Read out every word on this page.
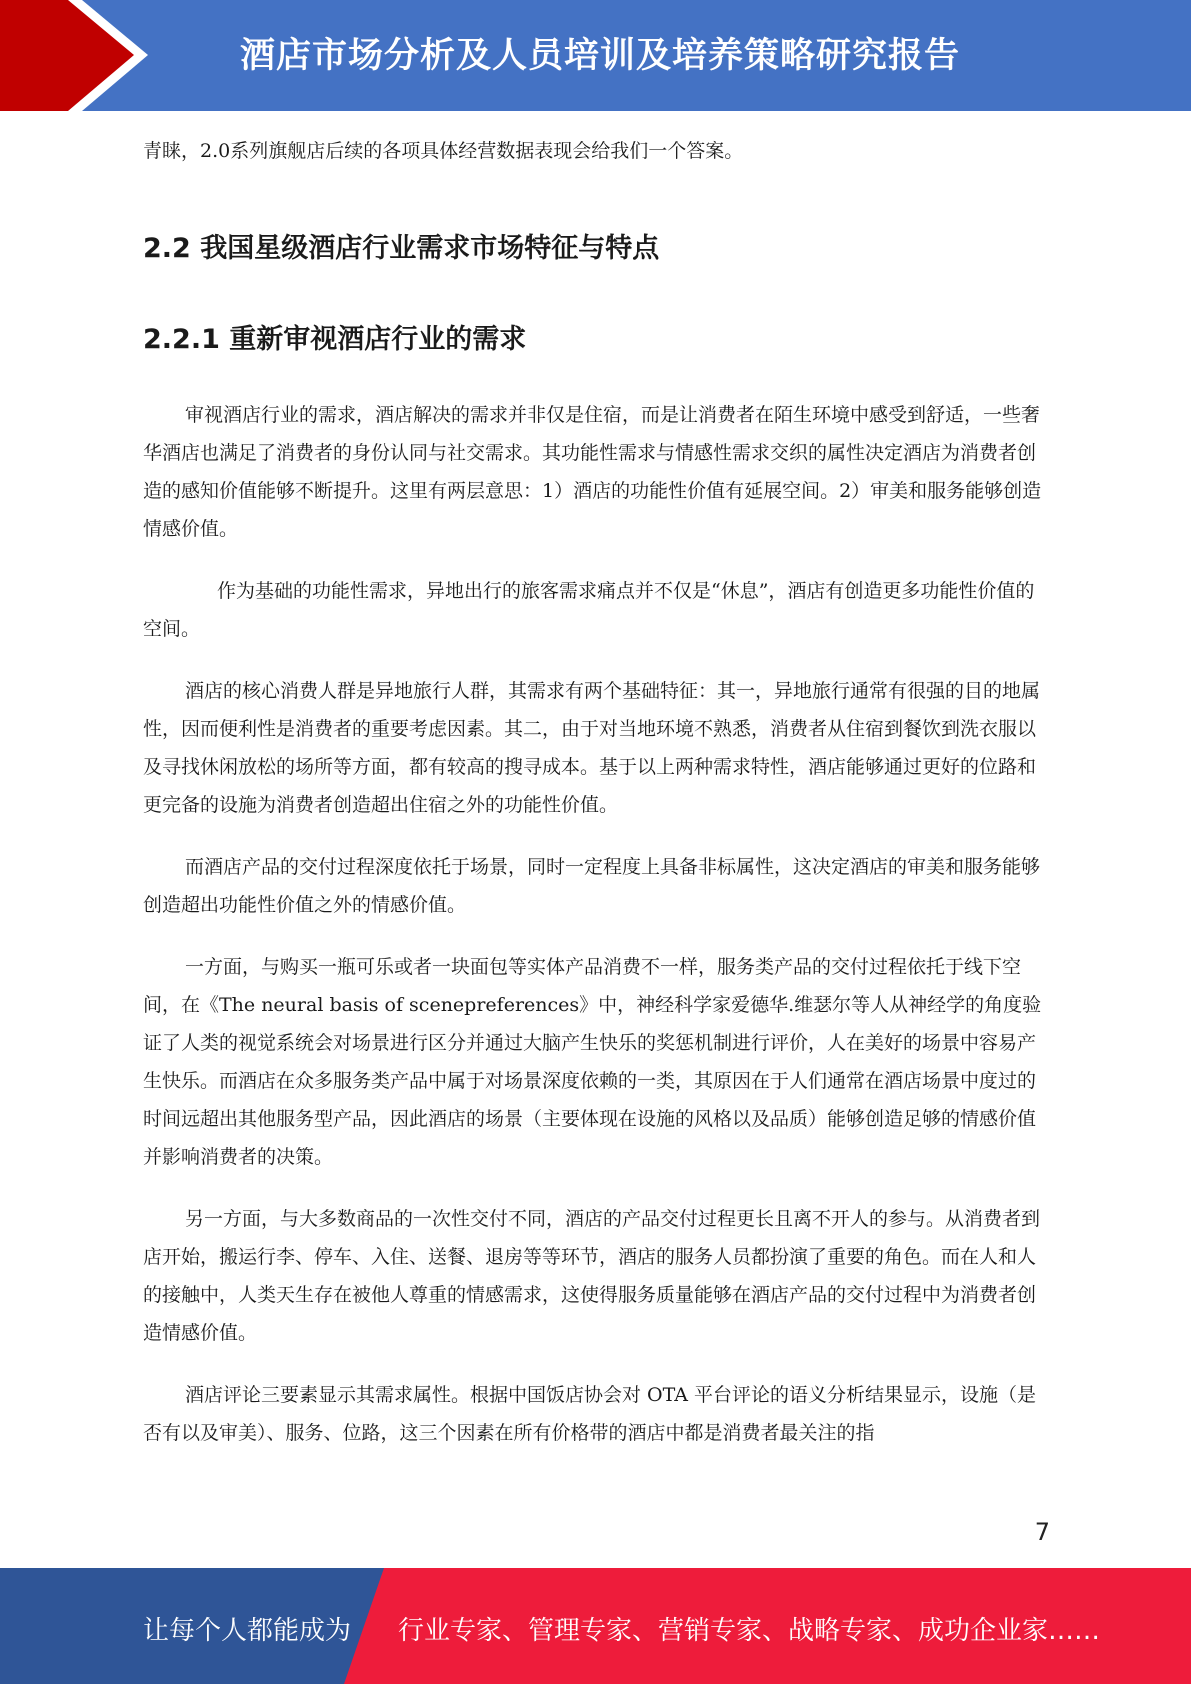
酒店市场分析及人员培训及培养策略研究报告

青睐，2.0系列旗舰店后续的各项具体经营数据表现会给我们一个答案。

2.2 我国星级酒店行业需求市场特征与特点
2.2.1 重新审视酒店行业的需求

审视酒店行业的需求，酒店解决的需求并非仅是住宿，而是让消费者在陌生环境中感受到舒适，一些奢华酒店也满足了消费者的身份认同与社交需求。其功能性需求与情感性需求交织的属性决定酒店为消费者创造的感知价值能够不断提升。这里有两层意思：1）酒店的功能性价值有延展空间。2）审美和服务能够创造情感价值。

作为基础的功能性需求，异地出行的旅客需求痛点并不仅是“休息”，酒店有创造更多功能性价值的空间。

酒店的核心消费人群是异地旅行人群，其需求有两个基础特征：其一，异地旅行通常有很强的目的地属性，因而便利性是消费者的重要考虑因素。其二，由于对当地环境不熟悉，消费者从住宿到餐饮到洗衣服以及寻找休闲放松的场所等方面，都有较高的搜寻成本。基于以上两种需求特性，酒店能够通过更好的位路和更完备的设施为消费者创造超出住宿之外的功能性价值。

而酒店产品的交付过程深度依托于场景，同时一定程度上具备非标属性，这决定酒店的审美和服务能够创造超出功能性价值之外的情感价值。

一方面，与购买一瓶可乐或者一块面包等实体产品消费不一样，服务类产品的交付过程依托于线下空间，在《The neural basis of scenepreferences》中，神经科学家爱德华.维瑟尔等人从神经学的角度验证了人类的视觉系统会对场景进行区分并通过大脑产生快乐的奖惩机制进行评价，人在美好的场景中容易产生快乐。而酒店在众多服务类产品中属于对场景深度依赖的一类，其原因在于人们通常在酒店场景中度过的时间远超出其他服务型产品，因此酒店的场景（主要体现在设施的风格以及品质）能够创造足够的情感价值并影响消费者的决策。

另一方面，与大多数商品的一次性交付不同，酒店的产品交付过程更长且离不开人的参与。从消费者到店开始，搬运行李、停车、入住、送餐、退房等等环节，酒店的服务人员都扮演了重要的角色。而在人和人的接触中，人类天生存在被他人尊重的情感需求，这使得服务质量能够在酒店产品的交付过程中为消费者创造情感价值。

酒店评论三要素显示其需求属性。根据中国饭店协会对 OTA 平台评论的语义分析结果显示，设施（是否有以及审美）、服务、位路，这三个因素在所有价格带的酒店中都是消费者最关注的指

7
让每个人都能成为 行业专家、管理专家、营销专家、战略专家、成功企业家……
